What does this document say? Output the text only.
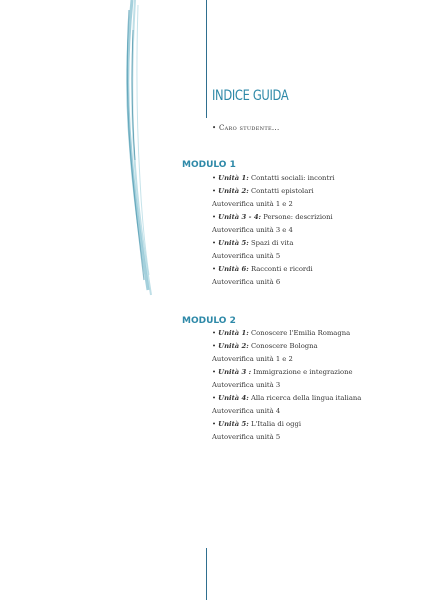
INDICE GUIDA
• Caro studente...
MODULO 1
• Unità 1: Contatti sociali: incontri
• Unità 2: Contatti epistolari
Autoverifica unità 1 e 2
• Unità 3 - 4: Persone: descrizioni
Autoverifica unità 3 e 4
• Unità 5: Spazi di vita
Autoverifica unità 5
• Unità 6: Racconti e ricordi
Autoverifica unità 6
MODULO 2
• Unità 1: Conoscere l'Emilia Romagna
• Unità 2: Conoscere Bologna
Autoverifica unità 1 e 2
• Unità 3 : Immigrazione e integrazione
Autoverifica unità 3
• Unità 4: Alla ricerca della lingua italiana
Autoverifica unità 4
• Unità 5: L'Italia di oggi
Autoverifica unità 5
